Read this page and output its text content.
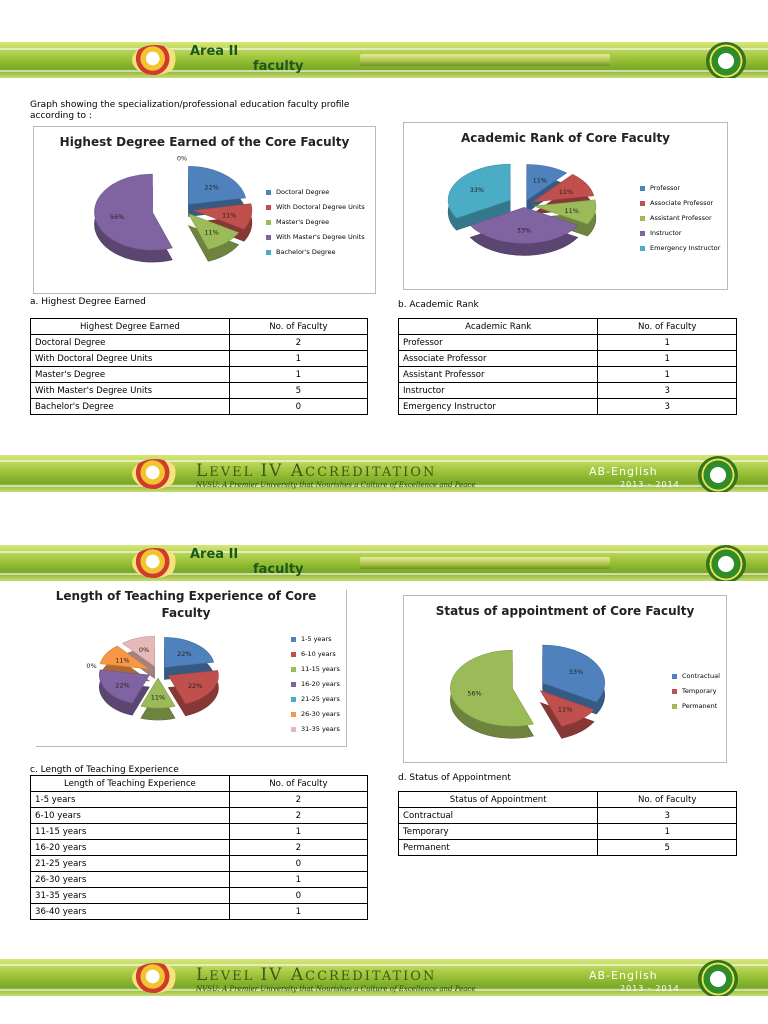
Area II
faculty
Graph showing the specialization/professional education faculty profile according to :
Highest Degree Earned of the Core Faculty
22%
11%
11%
56%
0%
Doctoral Degree
With Doctoral Degree Units
Master's Degree
With Master's Degree Units
Bachelor's Degree
Academic Rank of Core Faculty
11%
11%
11%
33%
33%	Professor
Associate Professor
Assistant Professor
Instructor
Emergency Instructor
a. Highest Degree Earned	b. Academic Rank
Highest Degree Earned	No. of Faculty
Doctoral Degree	2
With Doctoral Degree Units	1
Master's Degree	1
With Master's Degree Units	5
Bachelor's Degree	0
Academic Rank	No. of Faculty
Professor	1
Associate Professor	1
Assistant Professor	1
Instructor	3
Emergency Instructor	3
LEVEL IV ACCREDITATION
NVSU: A Premier University that Nourishes a Culture of Excellence and Peace
AB-English
2013 - 2014
Area II
faculty
Length of Teaching Experience of Core Faculty
22%
22%
11%
22%
0%
11%
0%
1-5 years
6-10 years
11-15 years
16-20 years
21-25 years
26-30 years
31-35 years
Status of appointment of Core Faculty
33%
11%
56%
Contractual
Temporary
Permanent
c. Length of Teaching Experience
d. Status of Appointment
Length of Teaching Experience	No. of Faculty
1-5 years	2
6-10 years	2
11-15 years	1
16-20 years	2
21-25 years	0
26-30 years	1
31-35 years	0
36-40 years	1
Status of Appointment	No. of Faculty
Contractual	3
Temporary	1
Permanent	5
LEVEL IV ACCREDITATION
NVSU: A Premier University that Nourishes a Culture of Excellence and Peace
AB-English
2013 - 2014
